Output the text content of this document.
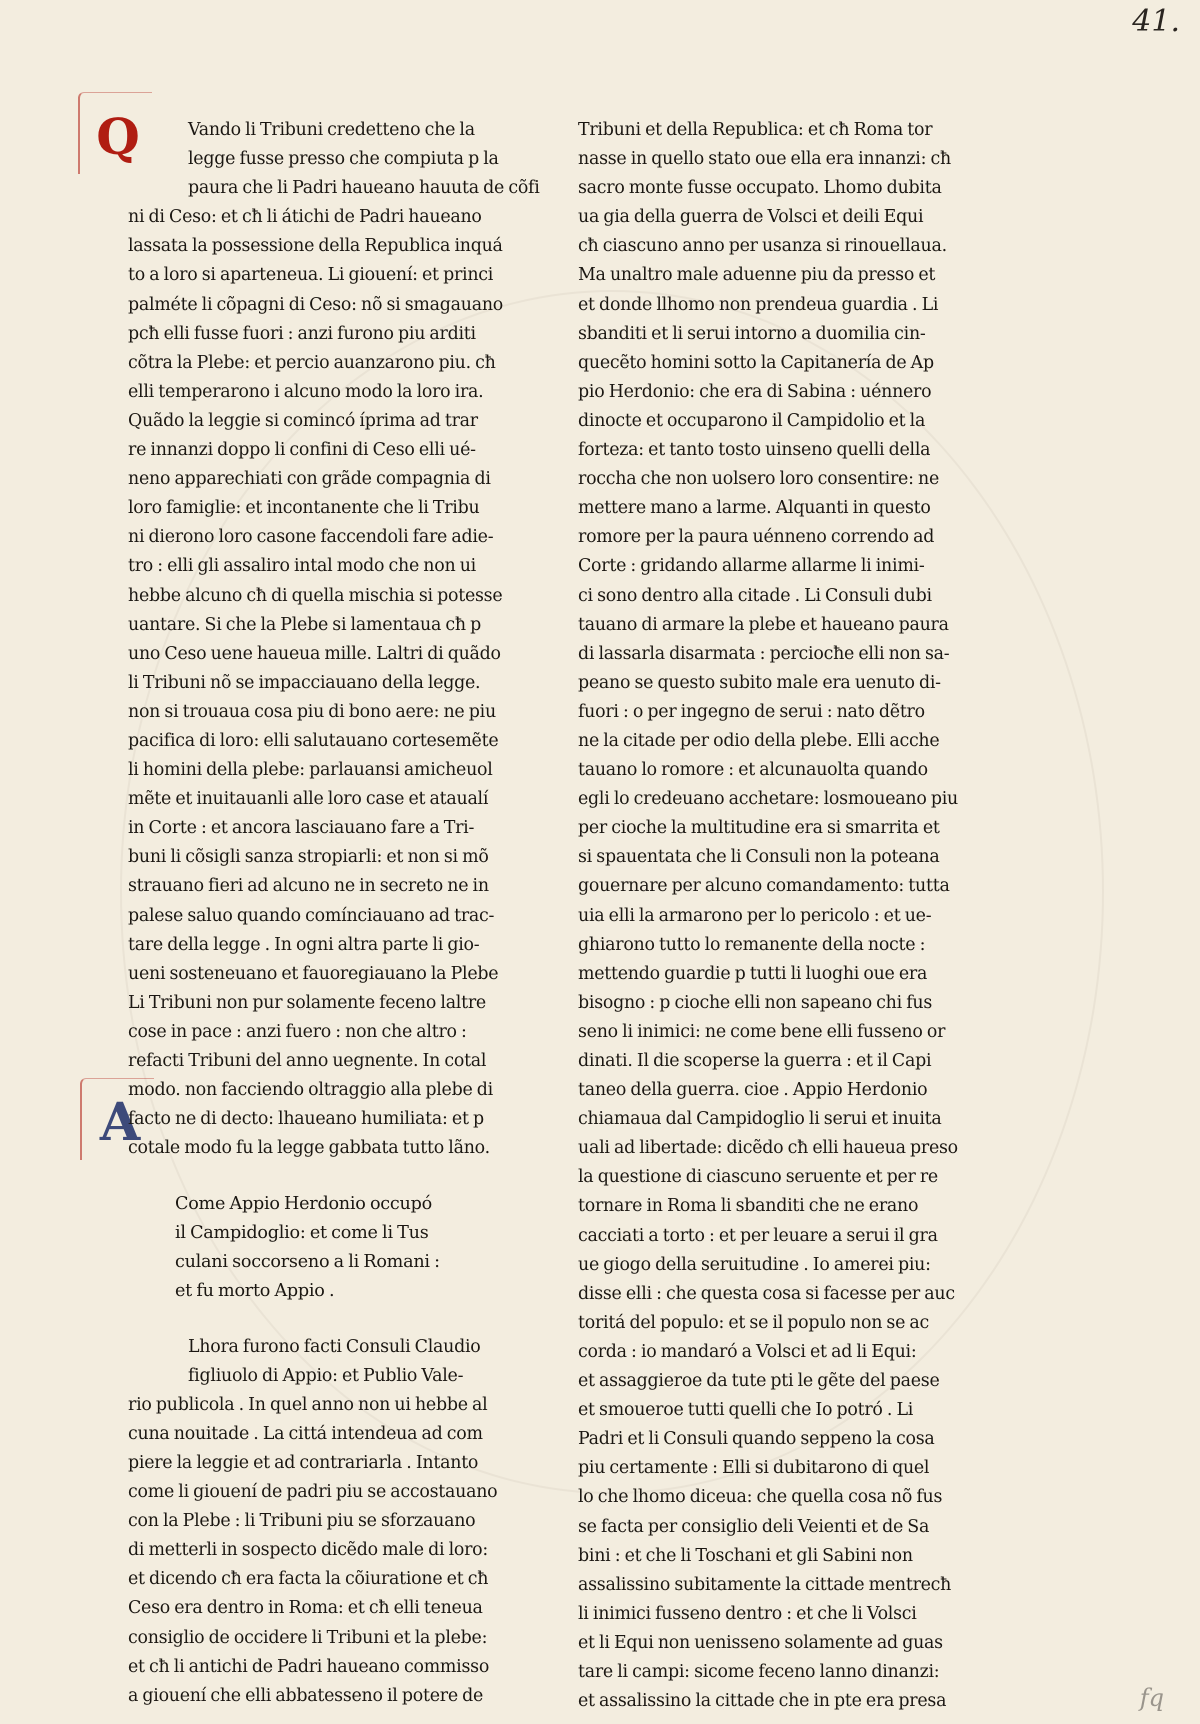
41.
Q
A
Vando li Tribuni credetteno che la
legge fusse presso che compiuta p la
paura che li Padri haueano hauuta de cõfi
ni di Ceso: et cħ li átichi de Padri haueano
lassata la possessione della Republica inquá
to a loro si aparteneua. Li giouení: et princi
palméte li cõpagni di Ceso: nõ si smagauano
pcħ elli fusse fuori : anzi furono piu arditi
cõtra la Plebe: et percio auanzarono piu. cħ
elli temperarono i alcuno modo la loro ira.
Quãdo la leggie si comincó íprima ad trar
re innanzi doppo li confini di Ceso elli ué-
neno apparechiati con grãde compagnia di
loro famiglie: et incontanente che li Tribu
ni dierono loro casone faccendoli fare adie-
tro : elli gli assaliro intal modo che non ui
hebbe alcuno cħ di quella mischia si potesse
uantare. Si che la Plebe si lamentaua cħ p
uno Ceso uene haueua mille. Laltri di quãdo
li Tribuni nõ se impacciauano della legge.
non si trouaua cosa piu di bono aere: ne piu
pacifica di loro: elli salutauano cortesemẽte
li homini della plebe: parlauansi amicheuol
mẽte et inuitauanli alle loro case et ataualí
in Corte : et ancora lasciauano fare a Tri-
buni li cõsigli sanza stropiarli: et non si mõ
strauano fieri ad alcuno ne in secreto ne in
palese saluo quando comínciauano ad trac-
tare della legge . In ogni altra parte li gio-
ueni sosteneuano et fauoregiauano la Plebe
Li Tribuni non pur solamente feceno laltre
cose in pace : anzi fuero : non che altro :
refacti Tribuni del anno uegnente. In cotal
modo. non facciendo oltraggio alla plebe di
facto ne di decto: lhaueano humiliata: et p
cotale modo fu la legge gabbata tutto lãno.
Come Appio Herdonio occupó
il Campidoglio: et come li Tus
culani soccorseno a li Romani :
et fu morto Appio .
Lhora furono facti Consuli Claudio
figliuolo di Appio: et Publio Vale-
rio publicola . In quel anno non ui hebbe al
cuna nouitade . La cittá intendeua ad com
piere la leggie et ad contrariarla . Intanto
come li giouení de padri piu se accostauano
con la Plebe : li Tribuni piu se sforzauano
di metterli in sospecto dicẽdo male di loro:
et dicendo cħ era facta la cõiuratione et cħ
Ceso era dentro in Roma: et cħ elli teneua
consiglio de occidere li Tribuni et la plebe:
et cħ li antichi de Padri haueano commisso
a giouení che elli abbatesseno il potere de
Tribuni et della Republica: et cħ Roma tor
nasse in quello stato oue ella era innanzi: cħ
sacro monte fusse occupato. Lhomo dubita
ua gia della guerra de Volsci et deili Equi
cħ ciascuno anno per usanza si rinouellaua.
Ma unaltro male aduenne piu da presso et
et donde llhomo non prendeua guardia . Li
sbanditi et li serui intorno a duomilia cin-
quecẽto homini sotto la Capitanería de Ap
pio Herdonio: che era di Sabina : uénnero
dinocte et occuparono il Campidolio et la
forteza: et tanto tosto uinseno quelli della
roccha che non uolsero loro consentire: ne
mettere mano a larme. Alquanti in questo
romore per la paura uénneno correndo ad
Corte : gridando allarme allarme li inimi-
ci sono dentro alla citade . Li Consuli dubi
tauano di armare la plebe et haueano paura
di lassarla disarmata : perciocħe elli non sa-
peano se questo subito male era uenuto di-
fuori : o per ingegno de serui : nato dẽtro
ne la citade per odio della plebe. Elli acche
tauano lo romore : et alcunauolta quando
egli lo credeuano acchetare: losmoueano piu
per cioche la multitudine era si smarrita et
si spauentata che li Consuli non la poteana
gouernare per alcuno comandamento: tutta
uia elli la armarono per lo pericolo : et ue-
ghiarono tutto lo remanente della nocte :
mettendo guardie p tutti li luoghi oue era
bisogno : p cioche elli non sapeano chi fus
seno li inimici: ne come bene elli fusseno or
dinati. Il die scoperse la guerra : et il Capi
taneo della guerra. cioe . Appio Herdonio
chiamaua dal Campidoglio li serui et inuita
uali ad libertade: dicẽdo cħ elli haueua preso
la questione di ciascuno seruente et per re
tornare in Roma li sbanditi che ne erano
cacciati a torto : et per leuare a serui il gra
ue giogo della seruitudine . Io amerei piu:
disse elli : che questa cosa si facesse per auc
toritá del populo: et se il populo non se ac
corda : io mandaró a Volsci et ad li Equi:
et assaggieroe da tute pti le gẽte del paese
et smoueroe tutti quelli che Io potró . Li
Padri et li Consuli quando seppeno la cosa
piu certamente : Elli si dubitarono di quel
lo che lhomo diceua: che quella cosa nõ fus
se facta per consiglio deli Veienti et de Sa
bini : et che li Toschani et gli Sabini non
assalissino subitamente la cittade mentrecħ
li inimici fusseno dentro : et che li Volsci
et li Equi non uenisseno solamente ad guas
tare li campi: sicome feceno lanno dinanzi:
et assalissino la cittade che in pte era presa	fq
